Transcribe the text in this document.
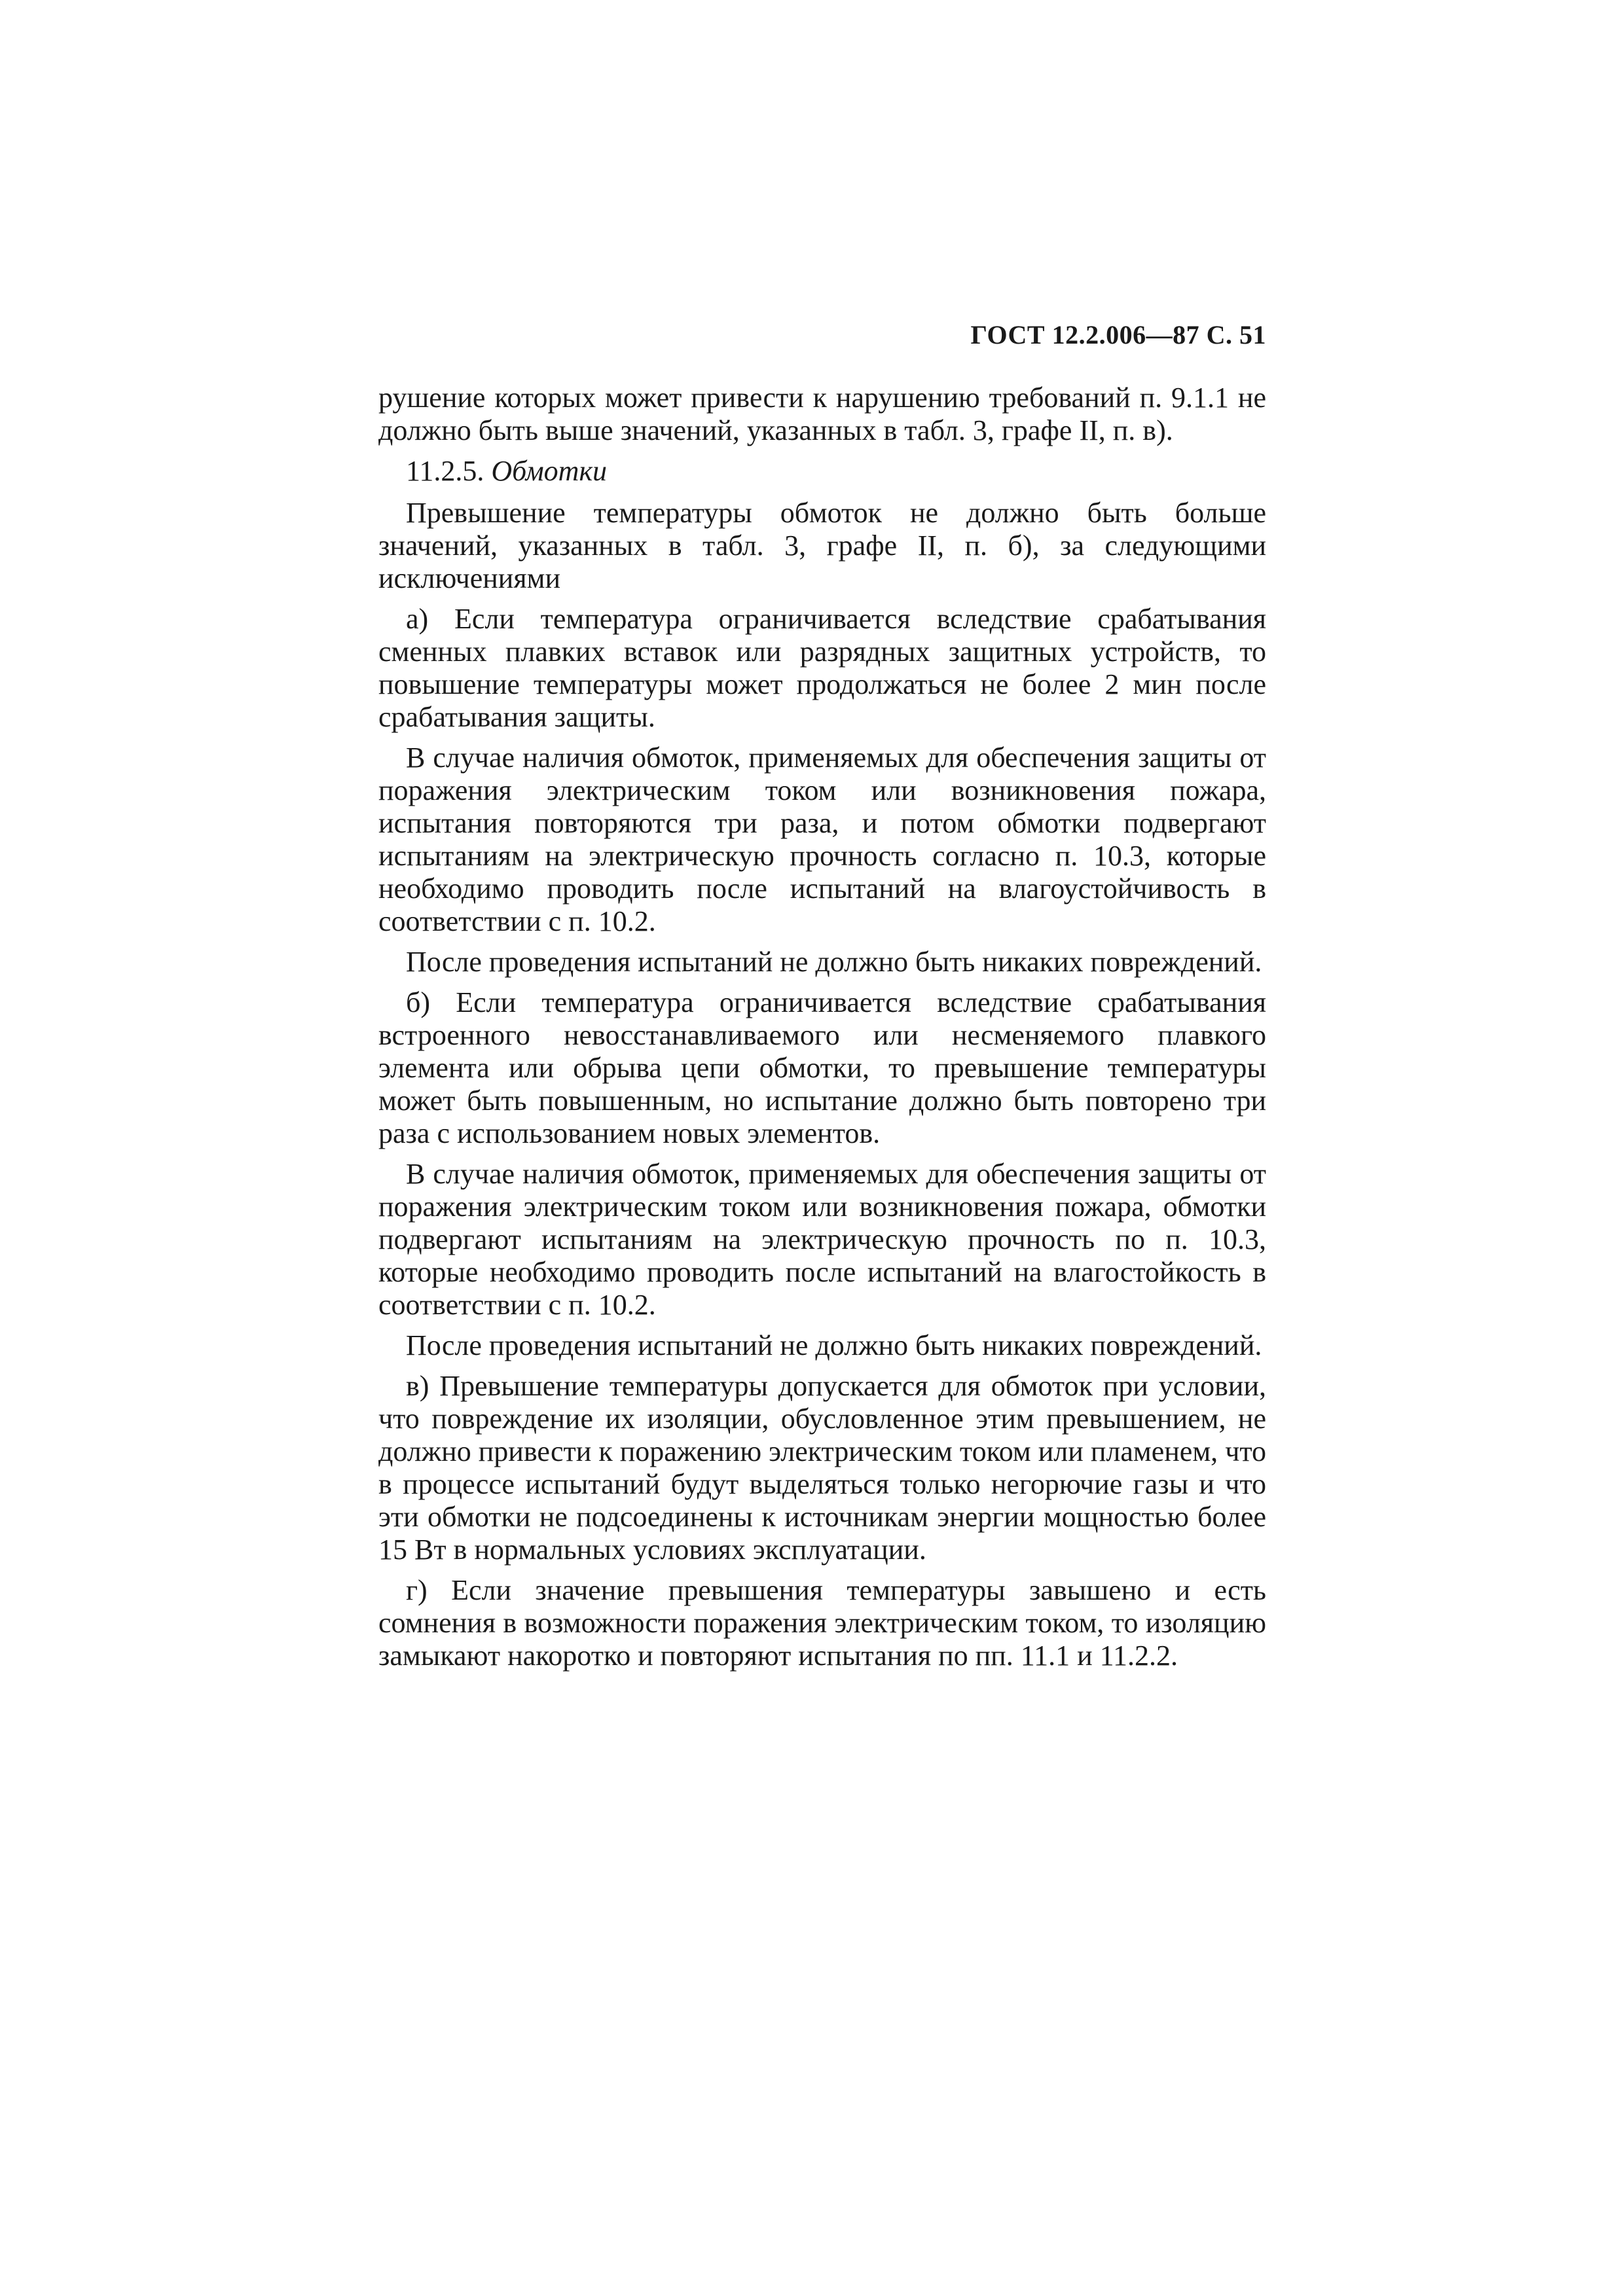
ГОСТ 12.2.006—87 С. 51

рушение которых может привести к нарушению требований п. 9.1.1 не должно быть выше значений, указанных в табл. 3, графе II, п. в).

11.2.5. Обмотки

Превышение температуры обмоток не должно быть больше значений, указанных в табл. 3, графе II, п. б), за следующими исключениями

а) Если температура ограничивается вследствие срабатывания сменных плавких вставок или разрядных защитных устройств, то повышение температуры может продолжаться не более 2 мин после срабатывания защиты.

В случае наличия обмоток, применяемых для обеспечения защиты от поражения электрическим током или возникновения пожара, испытания повторяются три раза, и потом обмотки подвергают испытаниям на электрическую прочность согласно п. 10.3, которые необходимо проводить после испытаний на влагоустойчивость в соответствии с п. 10.2.

После проведения испытаний не должно быть никаких повреждений.

б) Если температура ограничивается вследствие срабатывания встроенного невосстанавливаемого или несменяемого плавкого элемента или обрыва цепи обмотки, то превышение температуры может быть повышенным, но испытание должно быть повторено три раза с использованием новых элементов.

В случае наличия обмоток, применяемых для обеспечения защиты от поражения электрическим током или возникновения пожара, обмотки подвергают испытаниям на электрическую прочность по п. 10.3, которые необходимо проводить после испытаний на влагостойкость в соответствии с п. 10.2.

После проведения испытаний не должно быть никаких повреждений.

в) Превышение температуры допускается для обмоток при условии, что повреждение их изоляции, обусловленное этим превышением, не должно привести к поражению электрическим током или пламенем, что в процессе испытаний будут выделяться только негорючие газы и что эти обмотки не подсоединены к источникам энергии мощностью более 15 Вт в нормальных условиях эксплуатации.

г) Если значение превышения температуры завышено и есть сомнения в возможности поражения электрическим током, то изоляцию замыкают накоротко и повторяют испытания по пп. 11.1 и 11.2.2.
